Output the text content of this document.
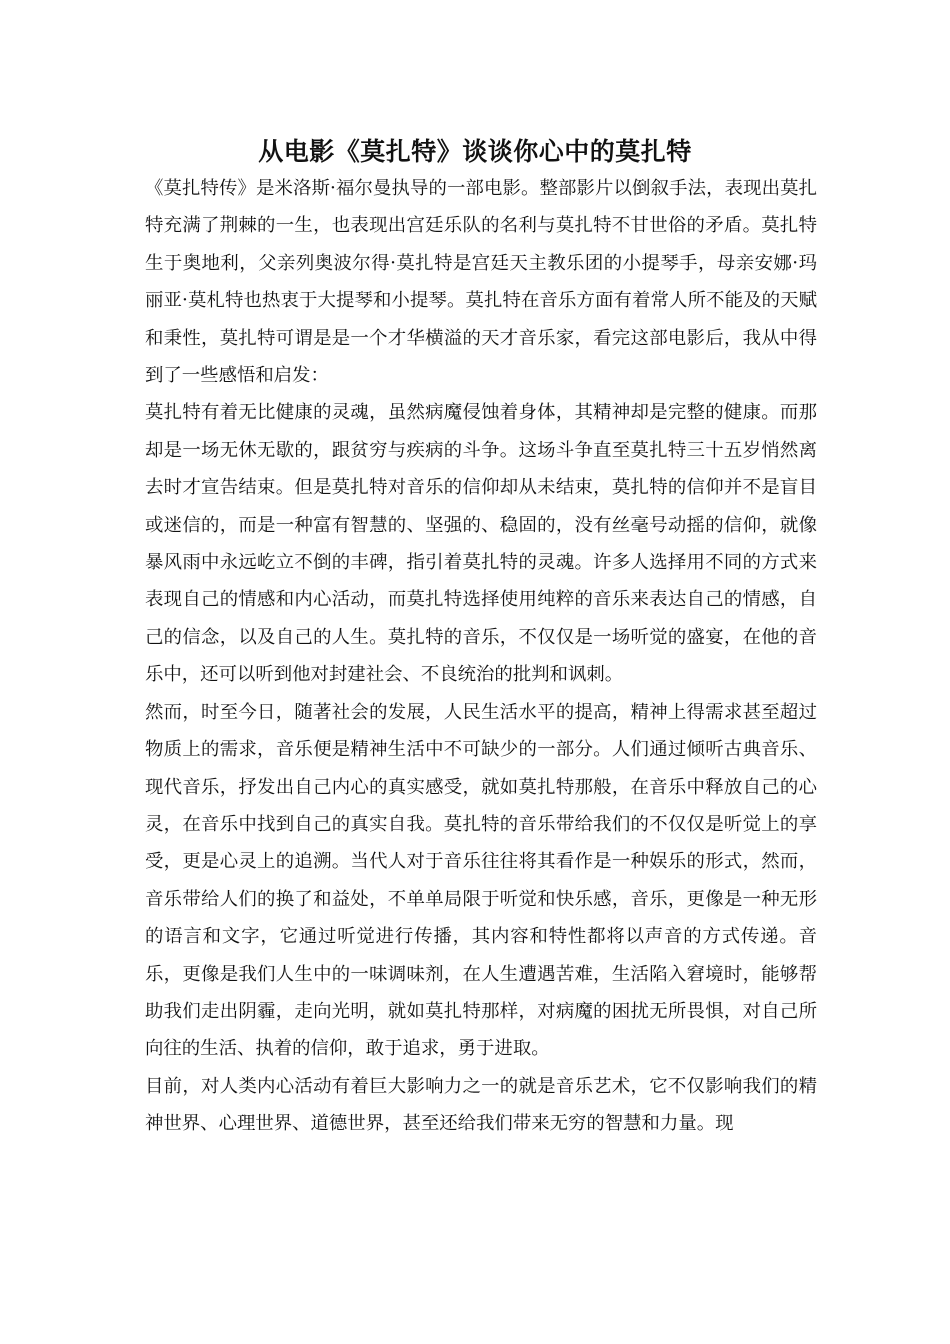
从电影《莫扎特》谈谈你心中的莫扎特

《莫扎特传》是米洛斯·福尔曼执导的一部电影。整部影片以倒叙手法，表现出莫扎特充满了荆棘的一生，也表现出宫廷乐队的名利与莫扎特不甘世俗的矛盾。莫扎特生于奥地利，父亲列奥波尔得·莫扎特是宫廷天主教乐团的小提琴手，母亲安娜·玛丽亚·莫札特也热衷于大提琴和小提琴。莫扎特在音乐方面有着常人所不能及的天赋和秉性，莫扎特可谓是是一个才华横溢的天才音乐家，看完这部电影后，我从中得到了一些感悟和启发：

莫扎特有着无比健康的灵魂，虽然病魔侵蚀着身体，其精神却是完整的健康。而那却是一场无休无歇的，跟贫穷与疾病的斗争。这场斗争直至莫扎特三十五岁悄然离去时才宣告结束。但是莫扎特对音乐的信仰却从未结束，莫扎特的信仰并不是盲目或迷信的，而是一种富有智慧的、坚强的、稳固的，没有丝毫号动摇的信仰，就像暴风雨中永远屹立不倒的丰碑，指引着莫扎特的灵魂。许多人选择用不同的方式来表现自己的情感和内心活动，而莫扎特选择使用纯粹的音乐来表达自己的情感，自己的信念，以及自己的人生。莫扎特的音乐，不仅仅是一场听觉的盛宴，在他的音乐中，还可以听到他对封建社会、不良统治的批判和讽刺。

然而，时至今日，随著社会的发展，人民生活水平的提高，精神上得需求甚至超过物质上的需求，音乐便是精神生活中不可缺少的一部分。人们通过倾听古典音乐、现代音乐，抒发出自己内心的真实感受，就如莫扎特那般，在音乐中释放自己的心灵，在音乐中找到自己的真实自我。莫扎特的音乐带给我们的不仅仅是听觉上的享受，更是心灵上的追溯。当代人对于音乐往往将其看作是一种娱乐的形式，然而，音乐带给人们的换了和益处，不单单局限于听觉和快乐感，音乐，更像是一种无形的语言和文字，它通过听觉进行传播，其内容和特性都将以声音的方式传递。音乐，更像是我们人生中的一味调味剂，在人生遭遇苦难，生活陷入窘境时，能够帮助我们走出阴霾，走向光明，就如莫扎特那样，对病魔的困扰无所畏惧，对自己所向往的生活、执着的信仰，敢于追求，勇于进取。

目前，对人类内心活动有着巨大影响力之一的就是音乐艺术，它不仅影响我们的精神世界、心理世界、道德世界，甚至还给我们带来无穷的智慧和力量。现
